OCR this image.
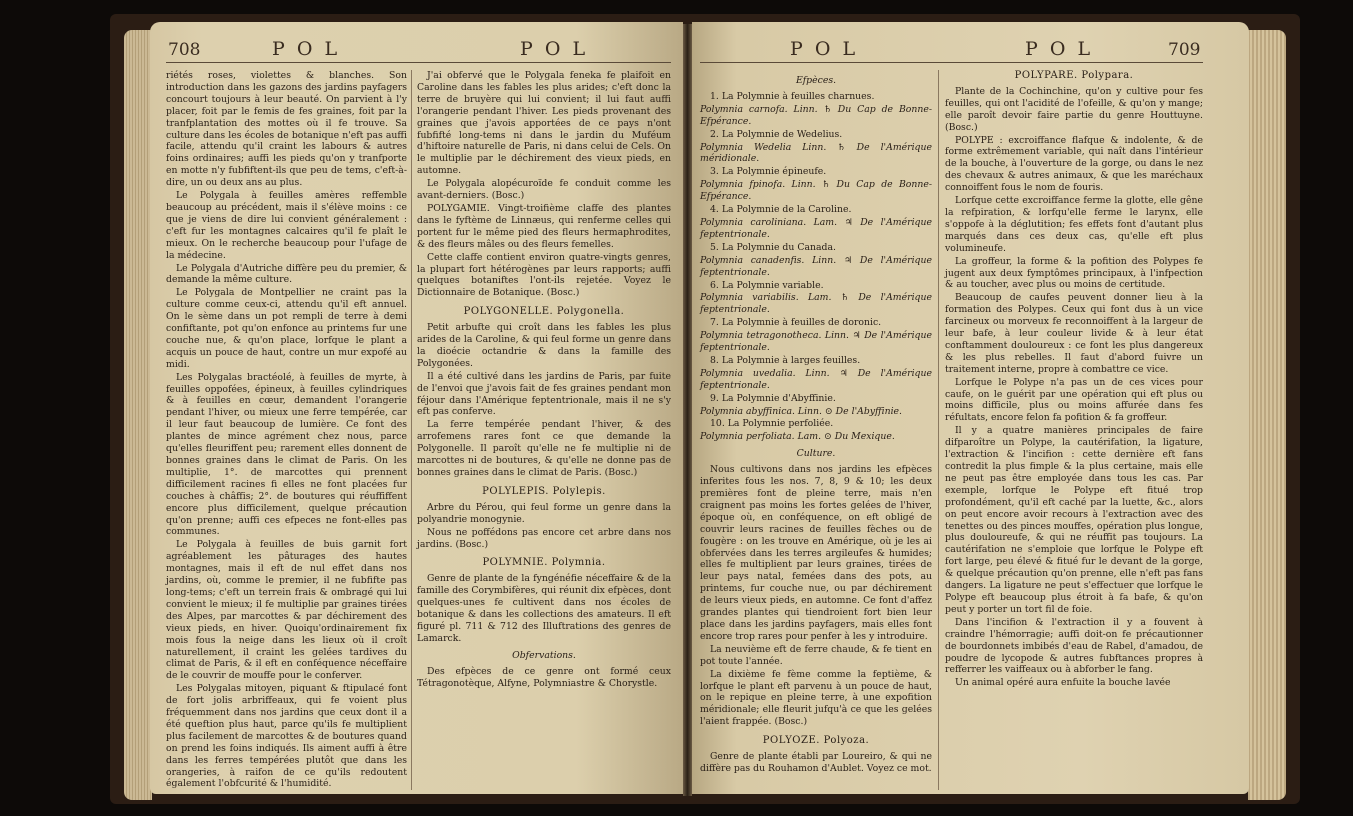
708	P O L	P O L	P O L	P O L	709

riétés roses, violettes & blanches. Son introduction dans les gazons des jardins payfagers concourt toujours à leur beauté. On parvient à l'y placer, foit par le femis de fes graines, foit par la tranfplantation des mottes où il fe trouve. Sa culture dans les écoles de botanique n'eft pas auffi facile, attendu qu'il craint les labours & autres foins ordinaires; auffi les pieds qu'on y tranfporte en motte n'y fubfiftent-ils que peu de tems, c'eft-à-dire, un ou deux ans au plus.

Le Polygala à feuilles amères reffemble beaucoup au précédent, mais il s'élève moins : ce que je viens de dire lui convient généralement : c'eft fur les montagnes calcaires qu'il fe plaît le mieux. On le recherche beaucoup pour l'ufage de la médecine.

Le Polygala d'Autriche diffère peu du premier, & demande la même culture.

Le Polygala de Montpellier ne craint pas la culture comme ceux-ci, attendu qu'il eft annuel. On le sème dans un pot rempli de terre à demi confiftante, pot qu'on enfonce au printems fur une couche nue, & qu'on place, lorfque le plant a acquis un pouce de haut, contre un mur expofé au midi.

Les Polygalas bractéolé, à feuilles de myrte, à feuilles oppofées, épineux, à feuilles cylindriques & à feuilles en cœur, demandent l'orangerie pendant l'hiver, ou mieux une ferre tempérée, car il leur faut beaucoup de lumière. Ce font des plantes de mince agrément chez nous, parce qu'elles fleuriffent peu; rarement elles donnent de bonnes graines dans le climat de Paris. On les multiplie, 1°. de marcottes qui prennent difficilement racines fi elles ne font placées fur couches à châffis; 2°. de boutures qui réuffiffent encore plus difficilement, quelque précaution qu'on prenne; auffi ces efpeces ne font-elles pas communes.

Le Polygala à feuilles de buis garnit fort agréablement les pâturages des hautes montagnes, mais il eft de nul effet dans nos jardins, où, comme le premier, il ne fubfifte pas long-tems; c'eft un terrein frais & ombragé qui lui convient le mieux; il fe multiplie par graines tirées des Alpes, par marcottes & par déchirement des vieux pieds, en hiver. Quoiqu'ordinairement fix mois fous la neige dans les lieux où il croît naturellement, il craint les gelées tardives du climat de Paris, & il eft en conféquence néceffaire de le couvrir de mouffe pour le conferver.

Les Polygalas mitoyen, piquant & ftipulacé font de fort jolis arbriffeaux, qui fe voient plus fréquemment dans nos jardins que ceux dont il a été queftion plus haut, parce qu'ils fe multiplient plus facilement de marcottes & de boutures quand on prend les foins indiqués. Ils aiment auffi à être dans les ferres tempérées plutôt que dans les orangeries, à raifon de ce qu'ils redoutent également l'obfcurité & l'humidité.

J'ai obfervé que le Polygala feneka fe plaifoit en Caroline dans les fables les plus arides; c'eft donc la terre de bruyère qui lui convient; il lui faut auffi l'orangerie pendant l'hiver. Les pieds provenant des graines que j'avois apportées de ce pays n'ont fubfifté long-tems ni dans le jardin du Muféum d'hiftoire naturelle de Paris, ni dans celui de Cels. On le multiplie par le déchirement des vieux pieds, en automne.

Le Polygala alopécuroïde fe conduit comme les avant-derniers. (Bosc.)

POLYGAMIE. Vingt-troifième claffe des plantes dans le fyftème de Linnæus, qui renferme celles qui portent fur le même pied des fleurs hermaphrodites, & des fleurs mâles ou des fleurs femelles.

Cette claffe contient environ quatre-vingts genres, la plupart fort hétérogènes par leurs rapports; auffi quelques botaniftes l'ont-ils rejetée. Voyez le Dictionnaire de Botanique. (Bosc.)

POLYGONELLE. Polygonella.

Petit arbufte qui croît dans les fables les plus arides de la Caroline, & qui feul forme un genre dans la dioécie octandrie & dans la famille des Polygonées.

Il a été cultivé dans les jardins de Paris, par fuite de l'envoi que j'avois fait de fes graines pendant mon féjour dans l'Amérique feptentrionale, mais il ne s'y eft pas conferve.

La ferre tempérée pendant l'hiver, & des arrofemens rares font ce que demande la Polygonelle. Il paroît qu'elle ne fe multiplie ni de marcottes ni de boutures, & qu'elle ne donne pas de bonnes graines dans le climat de Paris. (Bosc.)

POLYLEPIS. Polylepis.

Arbre du Pérou, qui feul forme un genre dans la polyandrie monogynie.

Nous ne poffédons pas encore cet arbre dans nos jardins. (Bosc.)

POLYMNIE. Polymnia.

Genre de plante de la fyngénéfie néceffaire & de la famille des Corymbifères, qui réunit dix efpèces, dont quelques-unes fe cultivent dans nos écoles de botanique & dans les collections des amateurs. Il eft figuré pl. 711 & 712 des Illuftrations des genres de Lamarck.

Obfervations.

Des efpèces de ce genre ont formé ceux Tétragonotèque, Alfyne, Polymniastre & Chorystle.

Efpèces.

1. La Polymnie à feuilles charnues.

Polymnia carnofa. Linn. ♄ Du Cap de Bonne-Efpérance.

2. La Polymnie de Wedelius.

Polymnia Wedelia Linn. ♄ De l'Amérique méridionale.

3. La Polymnie épineufe.

Polymnia fpinofa. Linn. ♄ Du Cap de Bonne-Efpérance.

4. La Polymnie de la Caroline.

Polymnia caroliniana. Lam. ♃ De l'Amérique feptentrionale.

5. La Polymnie du Canada.

Polymnia canadenfis. Linn. ♃ De l'Amérique feptentrionale.

6. La Polymnie variable.

Polymnia variabilis. Lam. ♄ De l'Amérique feptentrionale.

7. La Polymnie à feuilles de doronic.

Polymnia tetragonotheca. Linn. ♃ De l'Amérique feptentrionale.

8. La Polymnie à larges feuilles.

Polymnia uvedalia. Linn. ♃ De l'Amérique feptentrionale.

9. La Polymnie d'Abyffinie.

Polymnia abyffinica. Linn. ⊙ De l'Abyffinie.

10. La Polymnie perfoliée.

Polymnia perfoliata. Lam. ⊙ Du Mexique.

Culture.

Nous cultivons dans nos jardins les efpèces inferites fous les nos. 7, 8, 9 & 10; les deux premières font de pleine terre, mais n'en craignent pas moins les fortes gelées de l'hiver, époque où, en conféquence, on eft obligé de couvrir leurs racines de feuilles fèches ou de fougère : on les trouve en Amérique, où je les ai obfervées dans les terres argileufes & humides; elles fe multiplient par leurs graines, tirées de leur pays natal, femées dans des pots, au printems, fur couche nue, ou par déchirement de leurs vieux pieds, en automne. Ce font d'affez grandes plantes qui tiendroient fort bien leur place dans les jardins payfagers, mais elles font encore trop rares pour penfer à les y introduire.

La neuvième eft de ferre chaude, & fe tient en pot toute l'année.

La dixième fe fème comme la feptième, & lorfque le plant eft parvenu à un pouce de haut, on le repique en pleine terre, à une expofition méridionale; elle fleurit jufqu'à ce que les gelées l'aient frappée. (Bosc.)

POLYOZE. Polyoza.

Genre de plante établi par Loureiro, & qui ne diffère pas du Rouhamon d'Aublet. Voyez ce mot.

POLYPARE. Polypara.

Plante de la Cochinchine, qu'on y cultive pour fes feuilles, qui ont l'acidité de l'ofeille, & qu'on y mange; elle paroît devoir faire partie du genre Houttuyne. (Bosc.)

POLYPE : excroiffance flafque & indolente, & de forme extrêmement variable, qui naît dans l'intérieur de la bouche, à l'ouverture de la gorge, ou dans le nez des chevaux & autres animaux, & que les maréchaux connoiffent fous le nom de fouris.

Lorfque cette excroiffance ferme la glotte, elle gêne la refpiration, & lorfqu'elle ferme le larynx, elle s'oppofe à la déglutition; fes effets font d'autant plus marqués dans ces deux cas, qu'elle eft plus volumineufe.

La groffeur, la forme & la pofition des Polypes fe jugent aux deux fymptômes principaux, à l'infpection & au toucher, avec plus ou moins de certitude.

Beaucoup de caufes peuvent donner lieu à la formation des Polypes. Ceux qui font dus à un vice farcineux ou morveux fe reconnoiffent à la largeur de leur bafe, à leur couleur livide & à leur état conftamment douloureux : ce font les plus dangereux & les plus rebelles. Il faut d'abord fuivre un traitement interne, propre à combattre ce vice.

Lorfque le Polype n'a pas un de ces vices pour caufe, on le guérit par une opération qui eft plus ou moins difficile, plus ou moins affurée dans fes réfultats, encore felon fa pofition & fa groffeur.

Il y a quatre manières principales de faire difparoître un Polype, la cautérifation, la ligature, l'extraction & l'incifion : cette dernière eft fans contredit la plus fimple & la plus certaine, mais elle ne peut pas être employée dans tous les cas. Par exemple, lorfque le Polype eft fitué trop profondément, qu'il eft caché par la luette, &c., alors on peut encore avoir recours à l'extraction avec des tenettes ou des pinces mouffes, opération plus longue, plus douloureufe, & qui ne réuffit pas toujours. La cautérifation ne s'emploie que lorfque le Polype eft fort large, peu élevé & fitué fur le devant de la gorge, & quelque précaution qu'on prenne, elle n'eft pas fans dangers. La ligature ne peut s'effectuer que lorfque le Polype eft beaucoup plus étroit à fa bafe, & qu'on peut y porter un tort fil de foie.

Dans l'incifion & l'extraction il y a fouvent à craindre l'hémorragie; auffi doit-on fe précautionner de bourdonnets imbibés d'eau de Rabel, d'amadou, de poudre de lycopode & autres fubftances propres à refferrer les vaiffeaux ou à abforber le fang.

Un animal opéré aura enfuite la bouche lavée
